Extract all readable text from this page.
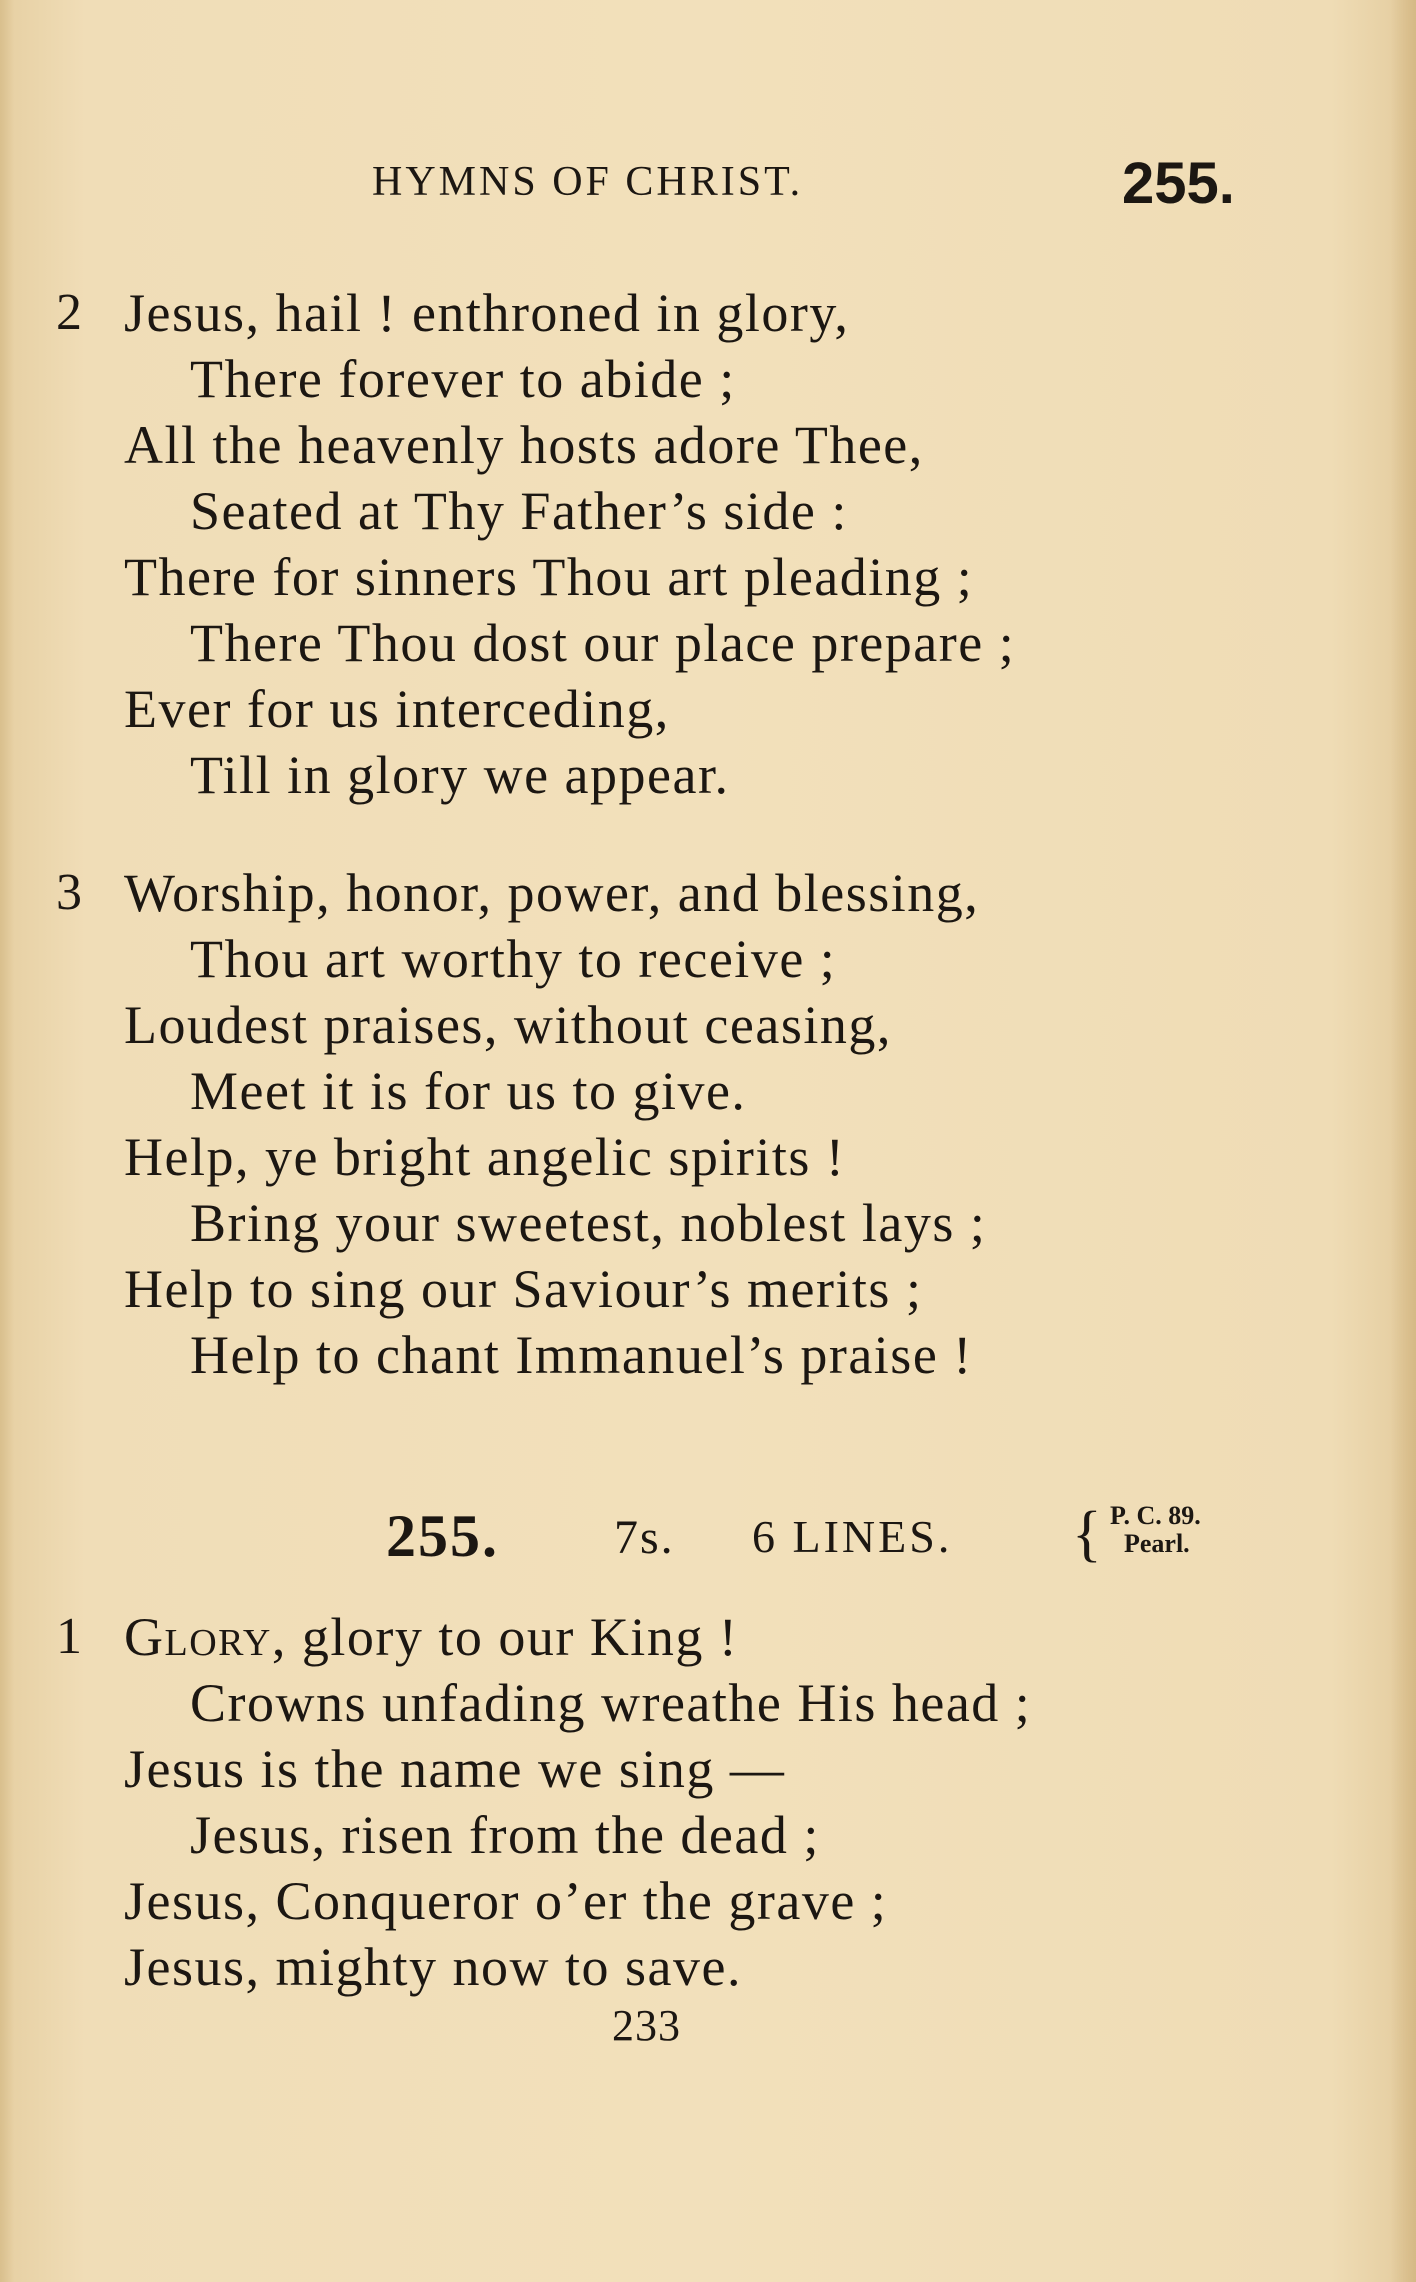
HYMNS OF CHRIST.	255.
2 Jesus, hail ! enthroned in glory,
There forever to abide ;
All the heavenly hosts adore Thee,
Seated at Thy Father’s side :
There for sinners Thou art pleading ;
There Thou dost our place prepare ;
Ever for us interceding,
Till in glory we appear.
3 Worship, honor, power, and blessing,
Thou art worthy to receive ;
Loudest praises, without ceasing,
Meet it is for us to give.
Help, ye bright angelic spirits !
Bring your sweetest, noblest lays ;
Help to sing our Saviour’s merits ;
Help to chant Immanuel’s praise !
255. 7s. 6 LINES. { P. C. 89.
Pearl.
1 Glory, glory to our King !
Crowns unfading wreathe His head ;
Jesus is the name we sing —
Jesus, risen from the dead ;
Jesus, Conqueror o’er the grave ;
Jesus, mighty now to save.
233
